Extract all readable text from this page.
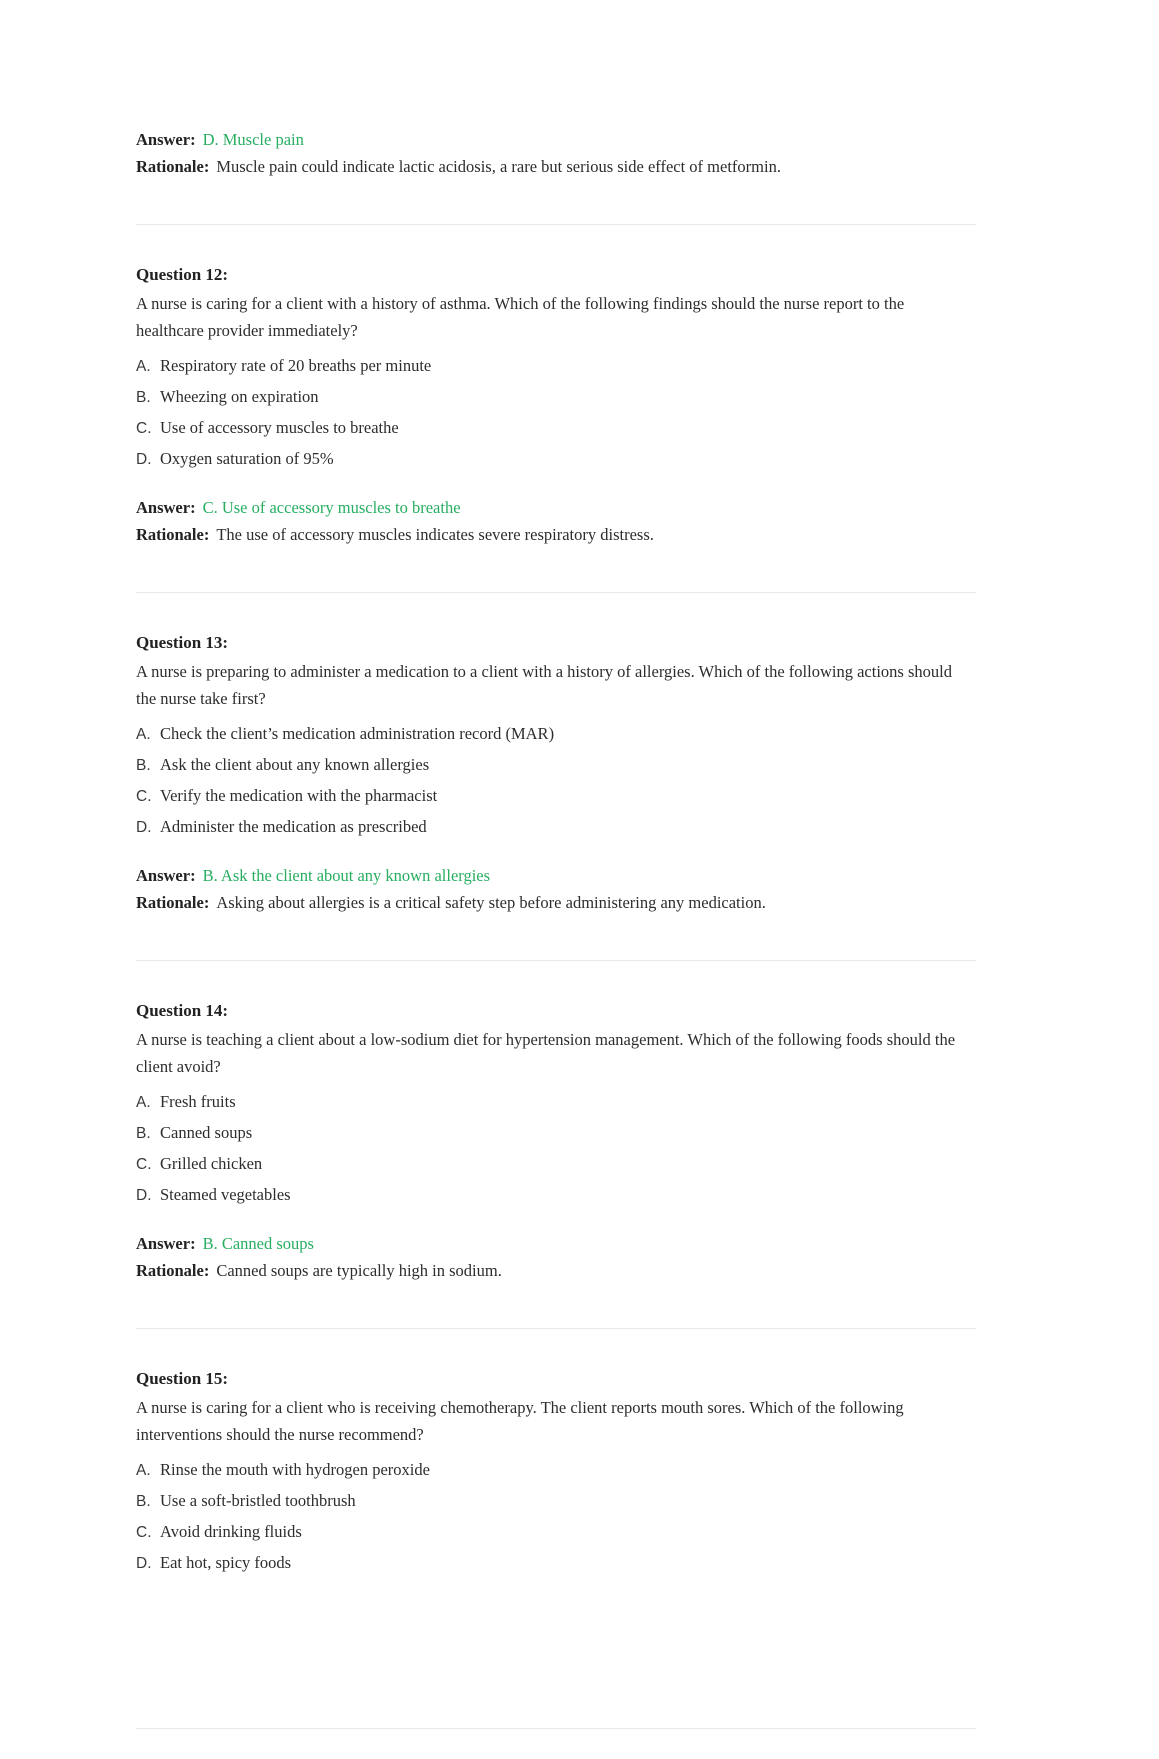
Answer: D. Muscle pain

Rationale: Muscle pain could indicate lactic acidosis, a rare but serious side effect of metformin.

Question 12:

A nurse is caring for a client with a history of asthma. Which of the following findings should the nurse report to the healthcare provider immediately?

A. Respiratory rate of 20 breaths per minute
B. Wheezing on expiration
C. Use of accessory muscles to breathe
D. Oxygen saturation of 95%

Answer: C. Use of accessory muscles to breathe

Rationale: The use of accessory muscles indicates severe respiratory distress.

Question 13:

A nurse is preparing to administer a medication to a client with a history of allergies. Which of the following actions should the nurse take first?

A. Check the client’s medication administration record (MAR)
B. Ask the client about any known allergies
C. Verify the medication with the pharmacist
D. Administer the medication as prescribed

Answer: B. Ask the client about any known allergies

Rationale: Asking about allergies is a critical safety step before administering any medication.

Question 14:

A nurse is teaching a client about a low-sodium diet for hypertension management. Which of the following foods should the client avoid?

A. Fresh fruits
B. Canned soups
C. Grilled chicken
D. Steamed vegetables

Answer: B. Canned soups

Rationale: Canned soups are typically high in sodium.

Question 15:

A nurse is caring for a client who is receiving chemotherapy. The client reports mouth sores. Which of the following interventions should the nurse recommend?

A. Rinse the mouth with hydrogen peroxide
B. Use a soft-bristled toothbrush
C. Avoid drinking fluids
D. Eat hot, spicy foods
